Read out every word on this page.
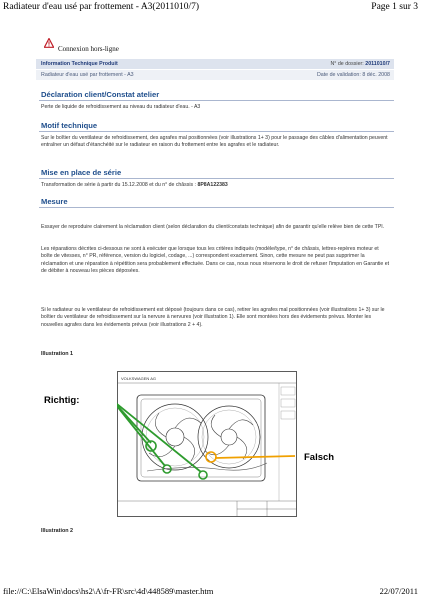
Radiateur d'eau usé par frottement - A3(2011010/7)	Page 1 sur 3
Connexion hors-ligne
Information Technique Produit	N° de dossier: 2011010/7
Radiateur d'eau usé par frottement - A3	Date de validation: 8 déc. 2008
Déclaration client/Constat atelier
Perte de liquide de refroidissement au niveau du radiateur d'eau. - A3
Motif technique
Sur le boîtier du ventilateur de refroidissement, des agrafes mal positionnées (voir illustrations 1+ 3) pour le passage des câbles d'alimentation peuvent entraîner un défaut d'étanchéité sur le radiateur en raison du frottement entre les agrafes et le radiateur.
Mise en place de série
Transformation de série à partir du 15.12.2008 et du n° de châssis : 8P8A122383
Mesure
Essayer de reproduire clairement la réclamation client (selon déclaration du client/constats technique) afin de garantir qu'elle relève bien de cette TPI.
Les réparations décrites ci-dessous ne sont à exécuter que lorsque tous les critères indiqués (modèle/type, n° de châssis, lettres-repères moteur et boîte de vitesses, n° PR, référence, version du logiciel, codage, ...) correspondent exactement. Sinon, cette mesure ne peut pas supprimer la réclamation et une réparation à répétition sera probablement effectuée. Dans ce cas, nous nous réservons le droit de refuser l'imputation en Garantie et de débiter à nouveau les pièces déposées.
Si le radiateur ou le ventilateur de refroidissement est déposé (toujours dans ce cas), retirer les agrafes mal positionnées (voir illustrations 1+ 3) sur le boîtier du ventilateur de refroidissement sur la nervure à nervures (voir illustration 1). Elle sont montées hors des évidements prévus. Monter les nouvelles agrafes dans les évidements prévus (voir illustrations 2 + 4).
Illustration 1
VOLKSWAGEN AG
Richtig:
Falsch
Illustration 2
file://C:\ElsaWin\docs\hs2\A\fr-FR\src\4d\448589\master.htm	22/07/2011
